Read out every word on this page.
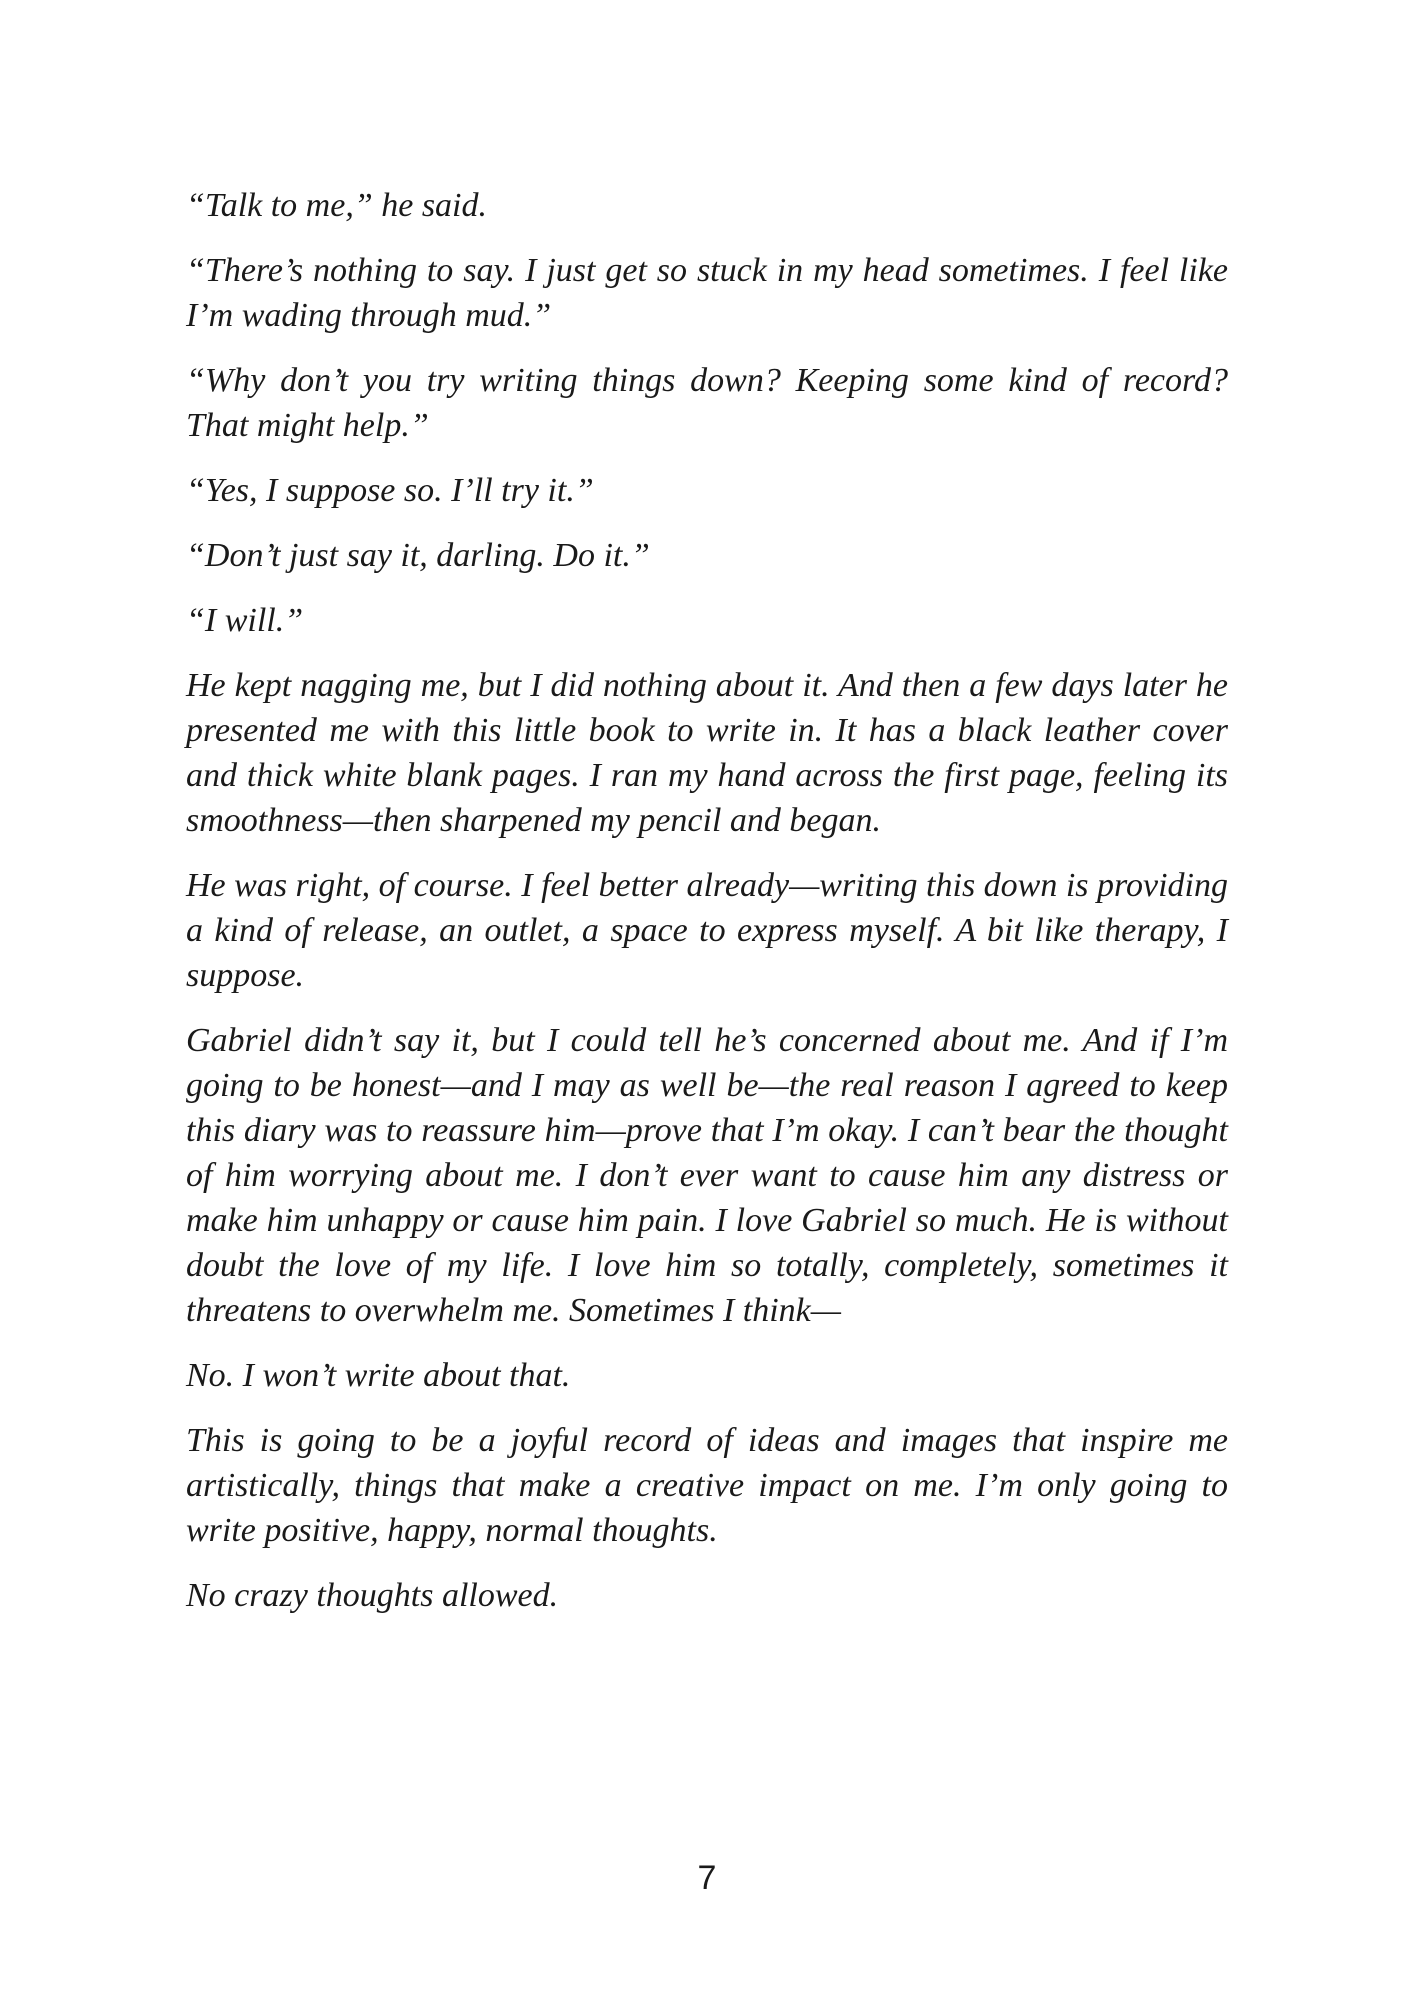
“Talk to me,” he said.

“There’s nothing to say. I just get so stuck in my head sometimes. I feel like I’m wading through mud.”

“Why don’t you try writing things down? Keeping some kind of record? That might help.”

“Yes, I suppose so. I’ll try it.”

“Don’t just say it, darling. Do it.”

“I will.”

He kept nagging me, but I did nothing about it. And then a few days later he presented me with this little book to write in. It has a black leather cover and thick white blank pages. I ran my hand across the first page, feeling its smoothness—then sharpened my pencil and began.

He was right, of course. I feel better already—writing this down is providing a kind of release, an outlet, a space to express myself. A bit like therapy, I suppose.

Gabriel didn’t say it, but I could tell he’s concerned about me. And if I’m going to be honest—and I may as well be—the real reason I agreed to keep this diary was to reassure him—prove that I’m okay. I can’t bear the thought of him worrying about me. I don’t ever want to cause him any distress or make him unhappy or cause him pain. I love Gabriel so much. He is without doubt the love of my life. I love him so totally, completely, sometimes it threatens to overwhelm me. Sometimes I think—

No. I won’t write about that.

This is going to be a joyful record of ideas and images that inspire me artistically, things that make a creative impact on me. I’m only going to write positive, happy, normal thoughts.

No crazy thoughts allowed.

7
